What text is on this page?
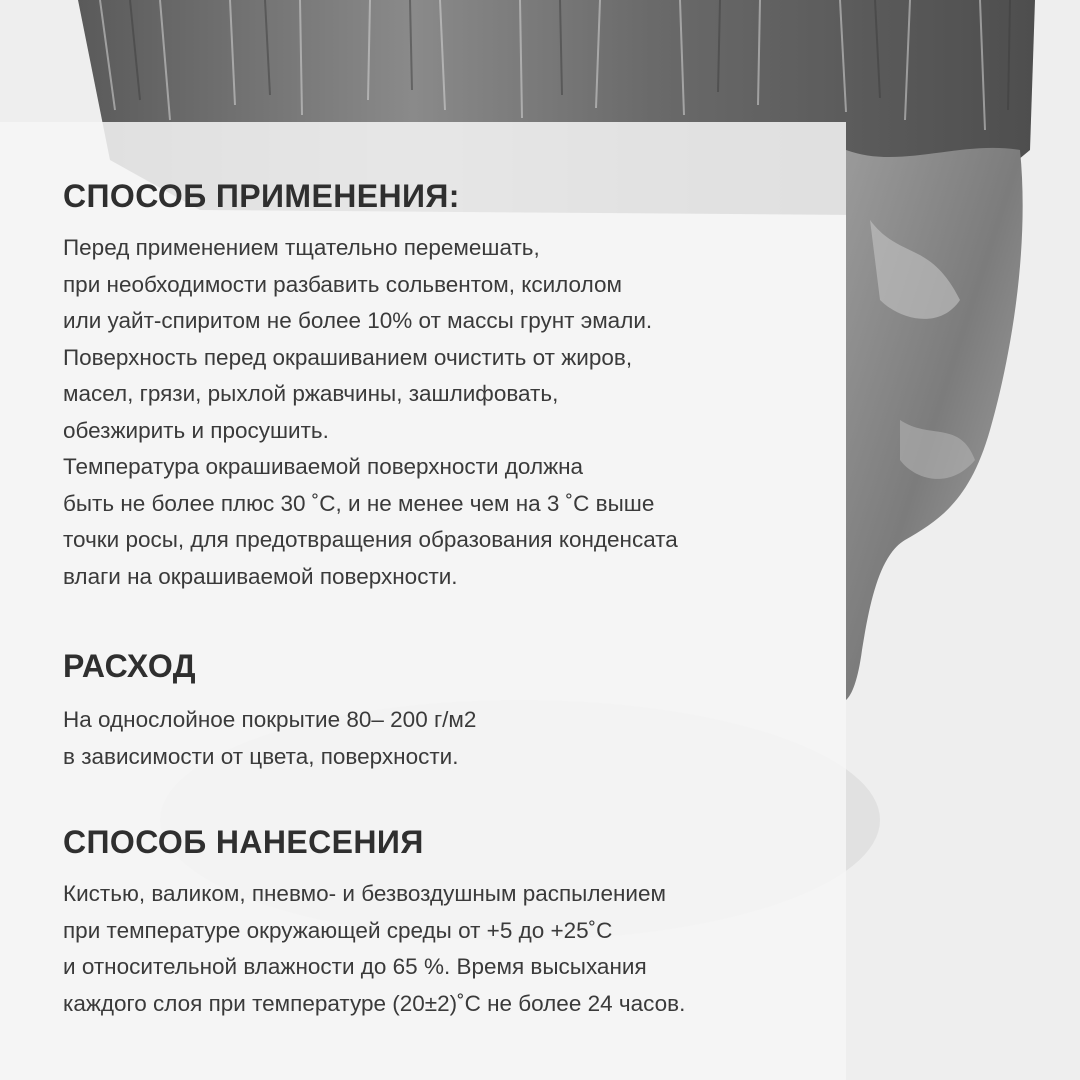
СПОСОБ ПРИМЕНЕНИЯ:
Перед применением тщательно перемешать,
при необходимости разбавить сольвентом, ксилолом
или уайт-спиритом не более 10% от массы грунт эмали.
Поверхность перед окрашиванием очистить от жиров,
масел, грязи, рыхлой ржавчины, зашлифовать,
обезжирить и просушить.
Температура окрашиваемой поверхности должна
быть не более плюс 30 ˚С, и не менее чем на 3 ˚С выше
точки росы, для предотвращения образования конденсата
влаги на окрашиваемой поверхности.
РАСХОД
На однослойное покрытие 80– 200 г/м2
в зависимости от цвета, поверхности.
СПОСОБ НАНЕСЕНИЯ
Кистью, валиком, пневмо- и безвоздушным распылением
при температуре окружающей среды от +5 до +25˚С
и относительной влажности до 65 %. Время высыхания
каждого слоя при температуре (20±2)˚С не более 24 часов.
